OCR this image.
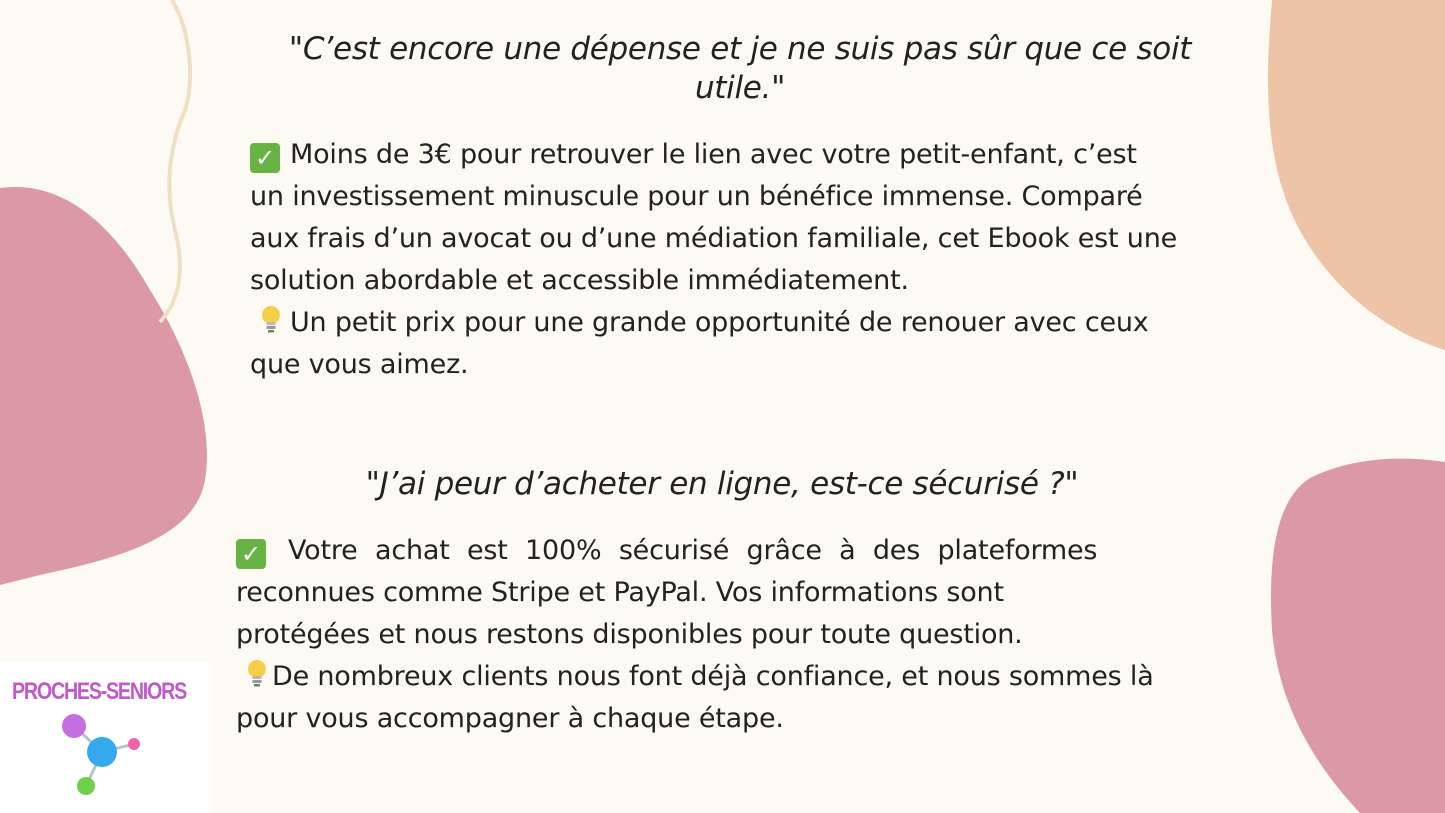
"C’est encore une dépense et je ne suis pas sûr que ce soit
utile."
✓ Moins de 3€ pour retrouver le lien avec votre petit-enfant, c’est
un investissement minuscule pour un bénéfice immense. Comparé
aux frais d’un avocat ou d’une médiation familiale, cet Ebook est une
solution abordable et accessible immédiatement.
Un petit prix pour une grande opportunité de renouer avec ceux
que vous aimez.
"J’ai peur d’acheter en ligne, est-ce sécurisé ?"
✓ Votre achat est 100% sécurisé grâce à des plateformes
reconnues comme Stripe et PayPal. Vos informations sont
protégées et nous restons disponibles pour toute question.
De nombreux clients nous font déjà confiance, et nous sommes là
pour vous accompagner à chaque étape.
PROCHES-SENIORS
